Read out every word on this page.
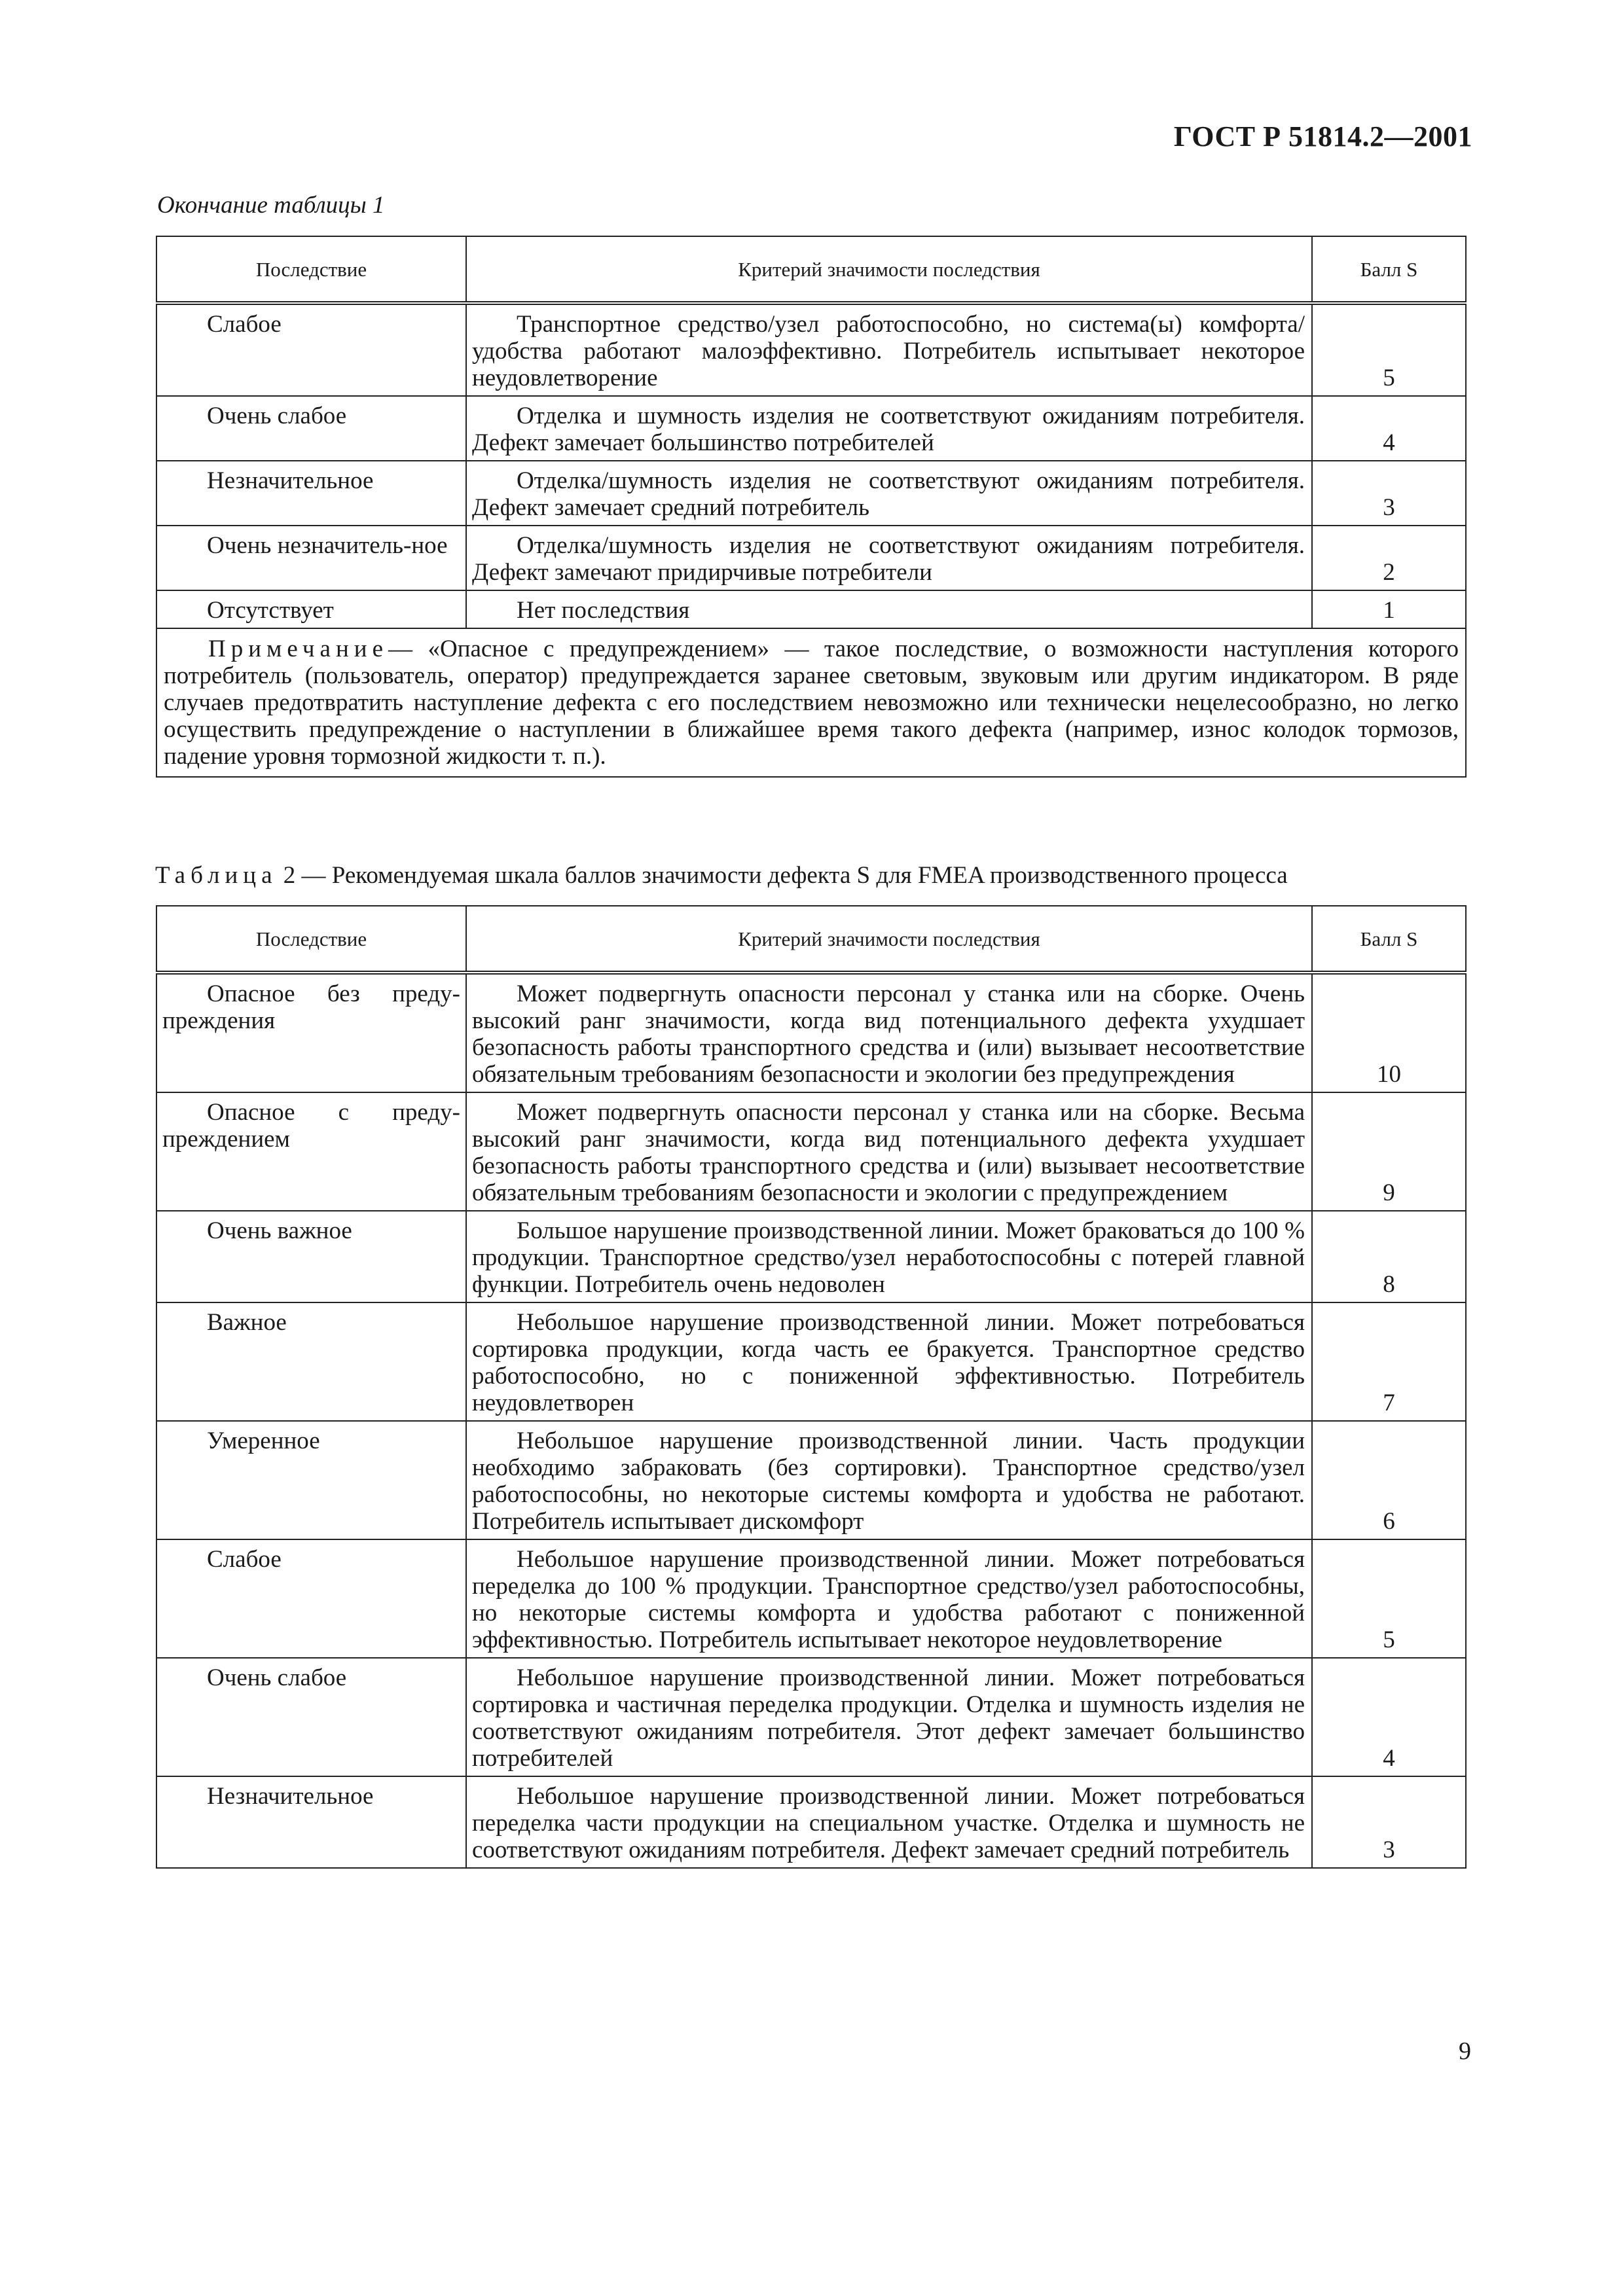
ГОСТ Р 51814.2—2001
Окончание таблицы 1
Последствие	Критерий значимости последствия	Балл S
Слабое	Транспортное средство/узел работоспособно, но система(ы) комфорта/удобства работают малоэффективно. Потребитель испытывает некоторое неудовлетворение	5
Очень слабое	Отделка и шумность изделия не соответствуют ожиданиям потребителя. Дефект замечает большинство потребителей	4
Незначительное	Отделка/шумность изделия не соответствуют ожиданиям потребителя. Дефект замечает средний потребитель	3
Очень незначитель-ное	Отделка/шумность изделия не соответствуют ожиданиям потребителя. Дефект замечают придирчивые потребители	2
Отсутствует	Нет последствия	1
Примечание— «Опасное с предупреждением» — такое последствие, о возможности наступления которого потребитель (пользователь, оператор) предупреждается заранее световым, звуковым или другим индикатором. В ряде случаев предотвратить наступление дефекта с его последствием невозможно или технически нецелесообразно, но легко осуществить предупреждение о наступлении в ближайшее время такого дефекта (например, износ колодок тормозов, падение уровня тормозной жидкости т. п.).		
Таблица 2 — Рекомендуемая шкала баллов значимости дефекта S для FMEA производственного процесса
Последствие	Критерий значимости последствия	Балл S
Опасное без преду-преждения	Может подвергнуть опасности персонал у станка или на сборке. Очень высокий ранг значимости, когда вид потенциального дефекта ухудшает безопасность работы транспортного средства и (или) вызывает несоответствие обязательным требованиям безопасности и экологии без предупреждения	10
Опасное с преду-преждением	Может подвергнуть опасности персонал у станка или на сборке. Весьма высокий ранг значимости, когда вид потенциального дефекта ухудшает безопасность работы транспортного средства и (или) вызывает несоответствие обязательным требованиям безопасности и экологии с предупреждением	9
Очень важное	Большое нарушение производственной линии. Может браковаться до 100 % продукции. Транспортное средство/узел неработоспособны с потерей главной функции. Потребитель очень недоволен	8
Важное	Небольшое нарушение производственной линии. Может потребоваться сортировка продукции, когда часть ее бракуется. Транспортное средство работоспособно, но с пониженной эффективностью. Потребитель неудовлетворен	7
Умеренное	Небольшое нарушение производственной линии. Часть продукции необходимо забраковать (без сортировки). Транспортное средство/узел работоспособны, но некоторые системы комфорта и удобства не работают. Потребитель испытывает дискомфорт	6
Слабое	Небольшое нарушение производственной линии. Может потребоваться переделка до 100 % продукции. Транспортное средство/узел работоспособны, но некоторые системы комфорта и удобства работают с пониженной эффективностью. Потребитель испытывает некоторое неудовлетворение	5
Очень слабое	Небольшое нарушение производственной линии. Может потребоваться сортировка и частичная переделка продукции. Отделка и шумность изделия не соответствуют ожиданиям потребителя. Этот дефект замечает большинство потребителей	4
Незначительное	Небольшое нарушение производственной линии. Может потребоваться переделка части продукции на специальном участке. Отделка и шумность не соответствуют ожиданиям потребителя. Дефект замечает средний потребитель	3
9
